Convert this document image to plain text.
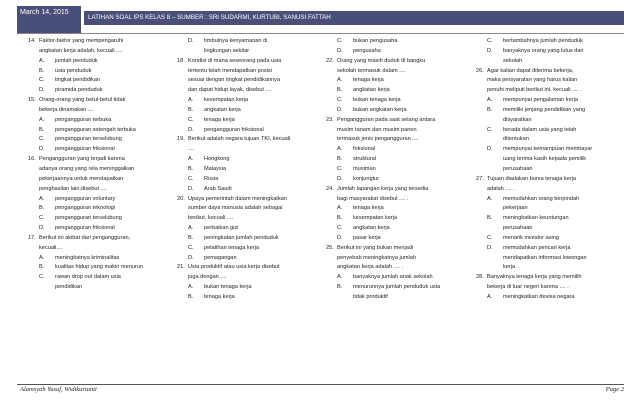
March 14, 2015
LATIHAN SOAL IPS KELAS 8 – SUMBER : SRI SUDARMI, KURTUBI, SANUSI FATTAH
14. Faktor-faktor yang mempengaruhi
angkatan kerja adalah, kecuali ....
A.	jumlah penduduk
B.	usia penduduk
C.	tingkat pendidikan
D.	piramida penduduk
15. Orang-orang yang betul-betul tidak
bekerja dinamakan ....
A.	pengangguran terbuka
B.	pengangguran setengah terbuka
C.	pengangguran terselubung
D.	pengangguran friksional
16. Pengangguran yang terjadi karena
adanya orang yang rela meninggalkan
pekerjaannya untuk mendapatkan
penghasilan lain,disebut ....
A.	pengangguran voluntary
B.	pengangguran teknologi
C.	pengangguran terselubung
D.	pengangguran friksional
17. Berikut ini akibat dari pengangguran,
kecuali....
A.	meningkatnya kriminalitas
B.	kualitas hidup yang makin menurun
C.	rawan drop out dalam usia
pendidikan
D.	timbulnya kenyamanan di
lingkungan sekitar
18. Kondisi di mana seseorang pada usia
tertentu telah mendapatkan posisi
sesuai dengan tingkat pendidikannya
dan dapat hidup layak, disebut ....
A.	kesempatan kerja
B.	angkatan kerja
C.	tenaga kerja
D.	pengangguran friksional
19. Berikut adalah negara tujuan TKI, kecuali
....
A.	Hongkong
B.	Malaysia
C.	Rusia
D.	Arab Saudi
20. Upaya pemerintah dalam meningkatkan
sumber daya manusia adalah sebagai
berikut, kecuali ....
A.	perbaikan gizi
B.	peningkatan jumlah penduduk
C.	pelatihan tenaga kerja
D.	pemagangan
21. Usia produktif atau usia kerja disebut
juga dengan ....
A.	bukan tenaga kerja
B.	tenaga kerja
C.	bukan pengusaha
D.	pengusaha
22. Orang yang masih duduk di bangku
sekolah termasuk dalam ....
A.	tenaga kerja
B.	angkatan kerja
C.	bukan tenaga kerja
D.	bukan angkatan kerja
23. Pengangguran pada saat selang antara
musim tanam dan musim panen
termasuk jenis pengangguran ....
A.	friksional
B.	struktural
C.	musiman
D.	konjungtur
24. Jumlah lapangan kerja yang tersedia
bagi masyarakat disebut .... .
A.	tenaga kerja
B.	kesempatan kerja
C.	angkatan kerja
D.	pasar kerja
25. Berikut ini yang bukan menjadi
penyebab meningkatnya jumlah
angkatan kerja adalah .... .
A.	banyaknya jumlah anak sekolah
B.	menurunnya jumlah penduduk usia
tidak produktif
C.	bertambahnya jumlah penduduk
D.	banyaknya orang yang lulus dari
sekolah
26. Agar kalian dapat diterima bekerja,
maka persyaratan yang harus kalian
penuhi meliputi berikut ini, kecuali .... .
A.	mempunyai pengalaman kerja
B.	memiliki jenjang pendidikan yang
disyaratkan
C.	berada dalam usia yang telah
ditentukan
D.	mempunyai kemampuan membayar
uang terima kasih kepada pemilik
perusahaan
27. Tujuan diadakan bursa tenaga kerja
adalah .... .
A.	memudahkan orang berpindah
pekerjaan
B.	meningkatkan keuntungan
perusahaan
C.	menarik investor asing
D.	memudahkan pencari kerja
mendapatkan informasi lowongan
kerja
28. Banyaknya tenaga kerja yang memilih
bekerja di luar negeri karena .... .
A.	meningkatkan devisa negara
Alamsyah Yusuf, Widikurtanti	Page 2
